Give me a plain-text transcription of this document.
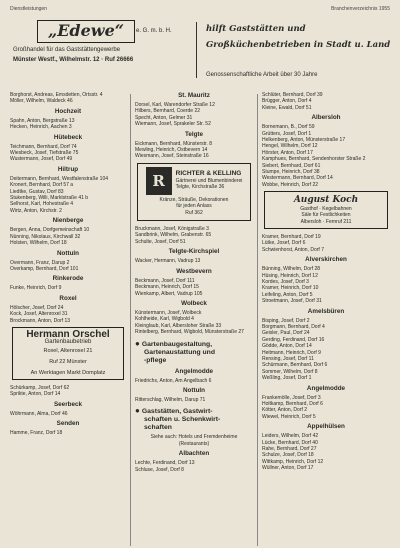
Dienstleistungen	Branchenverzeichnis 1955
„Edewe“	e. G. m. b. H.
Großhandel für das Gaststättengewerbe
Münster Westf., Wilhelmstr. 12 · Ruf 26666
hilft Gaststätten und
Großküchenbetrieben in Stadt u. Land
Genossenschaftliche Arbeit über 30 Jahre

Borghorst, Andreas, Emsdetten, Ortsstr. 4

Möller, Wilhelm, Waldeck 46

Hochzeit

Spahn, Anton, Bergstraße 13

Hecken, Heinrich, Aachen 3

Hütebeck

Teichmann, Bernhard, Dorf 74

Wiesbeck, Josef, Tiefstraße 75

Wustermann, Josef, Dorf 49

Hiltrup

Deitermann, Bernhard, Westfalenstraße 104

Kronert, Bernhard, Dorf 57 a

Liedtke, Gustav, Dorf 83

Stukenberg, Willi, Marktstraße 41 b

Selhorst, Karl, Hohestraße 4

Wirtz, Anton, Kirchstr. 2

Nienberge

Bergen, Anna, Dorfgemeinschaft 10

Nünning, Nikolaus, Kirchwall 32

Holsten, Wilhelm, Dorf 18

Nottuln

Overmann, Franz, Darup 2

Overkamp, Bernhard, Dorf 101

Rinkerode

Funke, Heinrich, Dorf 9

Roxel

Hölscher, Josef, Dorf 24

Kock, Josef, Altenroxel 31

Brockmann, Anton, Dorf 13

Hermann Orschel
Gartenbaubetrieb
Roxel, Altenroxel 21
Ruf 22 Münster
An Werktagen Markt Domplatz

Schürkamp, Josef, Dorf 62

Sprikte, Anton, Dorf 14

Seerbeck

Wöhrmann, Alma, Dorf 46

Senden

Hamme, Franz, Dorf 18

St. Mauritz

Dorsel, Karl, Warendorfer Straße 12

Hilbers, Bernhard, Coerde 22

Specht, Anton, Gelmer 31

Wiemann, Josef, Sprakeler Str. 52

Telgte

Eickmann, Bernhard, Münsterstr. 8

Mewling, Heinrich, Ostbevern 14

Wiesmann, Josef, Steinstraße 16

R K
RICHTER & KELLING
Gärtnerei und Blumenbinderei
Telgte, Kirchstraße 36
Kränze, Sträuße, Dekorationen
für jeden Anlass
Ruf 362

Bruckmann, Josef, Königstraße 3

Sandbrink, Wilhelm, Grabenstr. 65

Schulte, Josef, Dorf 51

Telgte-Kirchspiel

Wacker, Hermann, Vadrup 13

Westbevern

Beckmann, Josef, Dorf 111

Beckmann, Heinrich, Dorf 15

Wienkamp, Albert, Vadrup 105

Wolbeck

Künstermann, Josef, Wolbeck

Kohlheide, Karl, Wigbold 4

Kleinglaub, Karl, Albersloher Straße 33

Rintelberg, Bernhard, Wigbold, Münsterstraße 27

● Gartenbaugestaltung,

Gartenaustattung und

-pflege

Angelmodde

Friedrichs, Anton, Am Angelbach 6

Nottuln

Ritterschlag, Wilhelm, Darup 71

● Gaststätten, Gastwirt-

schaften u. Schenkwirt-

schaften

Siehe auch: Hotels und Fremdenheime

(Restaurants)

Albachten

Lechte, Ferdinand, Dorf 13

Schluse, Josef, Dorf 8

Schlüter, Bernhard, Dorf 39

Brügger, Anton, Dorf 4

Kleine, Ewald, Dorf 51

Albersloh

Bornemann, B., Dorf 59

Grütters, Josef, Dorf 1

Helkenberg, Anton, Münsterstraße 17

Hengel, Wilhelm, Dorf 12

Hörster, Anton, Dorf 17

Kamphues, Bernhard, Sendenhorster Straße 2

Siebert, Bernhard, Dorf 61

Stumpe, Heinrich, Dorf 38

Westermann, Bernhard, Dorf 14

Wobbe, Heinrich, Dorf 22

August Koch
Gasthof · Kegelbahnen
Säle für Festlichkeiten
Albersloh · Fernruf 211

Kramer, Bernhard, Dorf 19

Lütke, Josef, Dorf 6

Schwienhorst, Anton, Dorf 7

Alverskirchen

Bünning, Wilhelm, Dorf 28

Hüsing, Heinrich, Dorf 12

Kordes, Josef, Dorf 3

Kramer, Heinrich, Dorf 10

Leifeling, Anton, Dorf 5

Stroetmann, Josef, Dorf 31

Amelsbüren

Bisping, Josef, Dorf 2

Borgmann, Bernhard, Dorf 4

Geisler, Paul, Dorf 24

Gerding, Ferdinand, Dorf 16

Gödde, Anton, Dorf 14

Heitmann, Heinrich, Dorf 9

Rensing, Josef, Dorf 11

Schürmann, Bernhard, Dorf 6

Sommer, Wilhelm, Dorf 8

Weßling, Josef, Dorf 1

Angelmodde

Frankemölle, Josef, Dorf 3

Holtkamp, Bernhard, Dorf 6

Kötter, Anton, Dorf 2

Wiewel, Heinrich, Dorf 5

Appelhülsen

Leiders, Wilhelm, Dorf 42

Lücke, Bernhard, Dorf 40

Rahe, Bernhard, Dorf 27

Schulze, Josef, Dorf 18

Wittkamp, Heinrich, Dorf 12

Wüllner, Anton, Dorf 17
